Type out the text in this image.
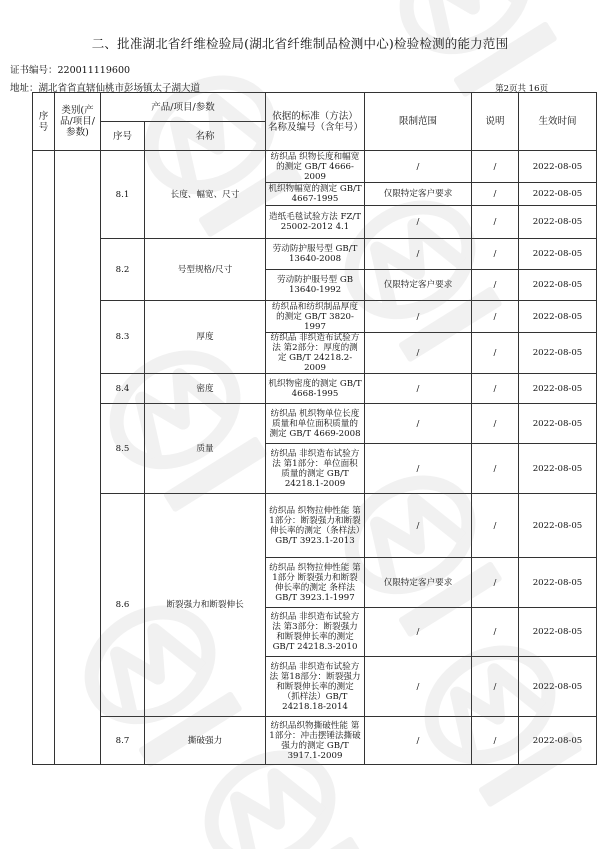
二、批准湖北省纤维检验局(湖北省纤维制品检测中心)检验检测的能力范围
证书编号：220011119600
地址：湖北省省直辖仙桃市彭场镇太子湖大道	第2页共 16页
序号	类别(产品/项目/参数)	产品/项目/参数		依据的标准（方法）名称及编号（含年号）	限制范围	说明	生效时间
		序号	名称				
		8.1	长度、幅宽、尺寸	纺织品 织物长度和幅宽的测定 GB/T 4666-2009	/	/	2022-08-05
				机织物幅宽的测定 GB/T 4667-1995	仅限特定客户要求	/	2022-08-05
				造纸毛毯试验方法 FZ/T 25002-2012 4.1	/	/	2022-08-05
		8.2	号型规格/尺寸	劳动防护服号型 GB/T 13640-2008	/	/	2022-08-05
				劳动防护服号型 GB 13640-1992	仅限特定客户要求	/	2022-08-05
		8.3	厚度	纺织品和纺织制品厚度的测定 GB/T 3820-1997	/	/	2022-08-05
				纺织品 非织造布试验方法 第2部分：厚度的测定 GB/T 24218.2-2009	/	/	2022-08-05
		8.4	密度	机织物密度的测定 GB/T 4668-1995	/	/	2022-08-05
		8.5	质量	纺织品 机织物单位长度质量和单位面积质量的测定 GB/T 4669-2008	/	/	2022-08-05
				纺织品 非织造布试验方法 第1部分：单位面积质量的测定 GB/T 24218.1-2009	/	/	2022-08-05
		8.6	断裂强力和断裂伸长	纺织品 织物拉伸性能 第1部分：断裂强力和断裂伸长率的测定（条样法）GB/T 3923.1-2013	/	/	2022-08-05
				纺织品 织物拉伸性能 第1部分 断裂强力和断裂伸长率的测定 条样法 GB/T 3923.1-1997	仅限特定客户要求	/	2022-08-05
				纺织品 非织造布试验方法 第3部分：断裂强力和断裂伸长率的测定 GB/T 24218.3-2010	/	/	2022-08-05
				纺织品 非织造布试验方法 第18部分：断裂强力和断裂伸长率的测定（抓样法）GB/T 24218.18-2014	/	/	2022-08-05
		8.7	撕破强力	纺织品织物撕破性能 第1部分：冲击摆锤法撕破强力的测定 GB/T 3917.1-2009	/	/	2022-08-05
